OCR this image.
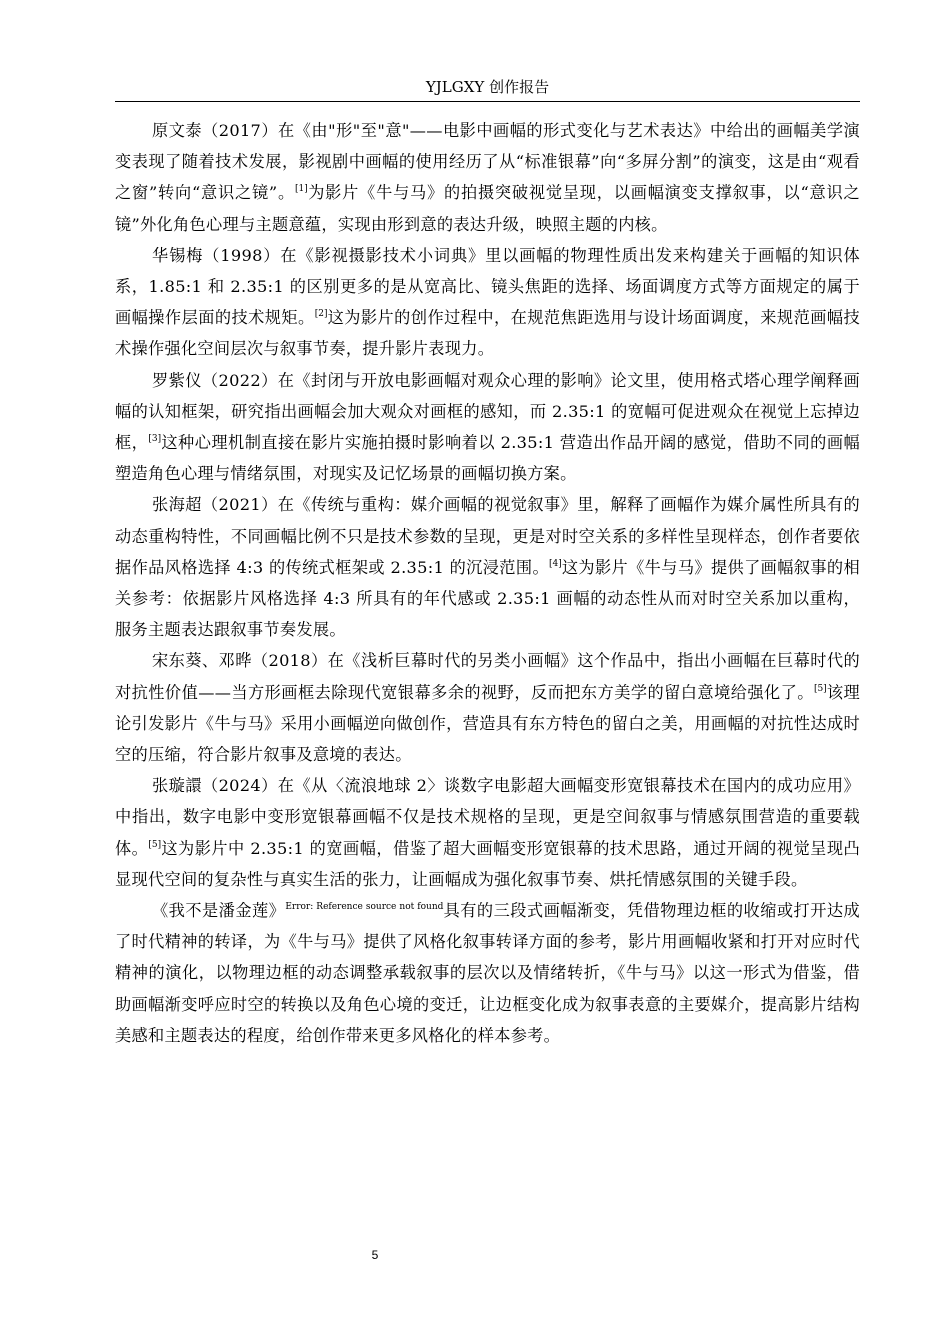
YJLGXY 创作报告

原文泰（2017）在《由"形"至"意"——电影中画幅的形式变化与艺术表达》中给出的画幅美学演变表现了随着技术发展，影视剧中画幅的使用经历了从“标准银幕”向“多屏分割”的演变，这是由“观看之窗”转向“意识之镜”。[1]为影片《牛与马》的拍摄突破视觉呈现，以画幅演变支撑叙事，以“意识之镜”外化角色心理与主题意蕴，实现由形到意的表达升级，映照主题的内核。

华锡梅（1998）在《影视摄影技术小词典》里以画幅的物理性质出发来构建关于画幅的知识体系，1.85:1 和 2.35:1 的区别更多的是从宽高比、镜头焦距的选择、场面调度方式等方面规定的属于画幅操作层面的技术规矩。[2]这为影片的创作过程中，在规范焦距选用与设计场面调度，来规范画幅技术操作强化空间层次与叙事节奏，提升影片表现力。

罗紫仪（2022）在《封闭与开放电影画幅对观众心理的影响》论文里，使用格式塔心理学阐释画幅的认知框架，研究指出画幅会加大观众对画框的感知，而 2.35:1 的宽幅可促进观众在视觉上忘掉边框，[3]这种心理机制直接在影片实施拍摄时影响着以 2.35:1 营造出作品开阔的感觉，借助不同的画幅塑造角色心理与情绪氛围，对现实及记忆场景的画幅切换方案。

张海超（2021）在《传统与重构：媒介画幅的视觉叙事》里，解释了画幅作为媒介属性所具有的动态重构特性，不同画幅比例不只是技术参数的呈现，更是对时空关系的多样性呈现样态，创作者要依据作品风格选择 4:3 的传统式框架或 2.35:1 的沉浸范围。[4]这为影片《牛与马》提供了画幅叙事的相关参考：依据影片风格选择 4:3 所具有的年代感或 2.35:1 画幅的动态性从而对时空关系加以重构，服务主题表达跟叙事节奏发展。

宋东葵、邓晔（2018）在《浅析巨幕时代的另类小画幅》这个作品中，指出小画幅在巨幕时代的对抗性价值——当方形画框去除现代宽银幕多余的视野，反而把东方美学的留白意境给强化了。[5]该理论引发影片《牛与马》采用小画幅逆向做创作，营造具有东方特色的留白之美，用画幅的对抗性达成时空的压缩，符合影片叙事及意境的表达。

张璇譞（2024）在《从〈流浪地球 2〉谈数字电影超大画幅变形宽银幕技术在国内的成功应用》中指出，数字电影中变形宽银幕画幅不仅是技术规格的呈现，更是空间叙事与情感氛围营造的重要载体。[5]这为影片中 2.35:1 的宽画幅，借鉴了超大画幅变形宽银幕的技术思路，通过开阔的视觉呈现凸显现代空间的复杂性与真实生活的张力，让画幅成为强化叙事节奏、烘托情感氛围的关键手段。

《我不是潘金莲》$^{Error: Reference source not found}$具有的三段式画幅渐变，凭借物理边框的收缩或打开达成了时代精神的转译，为《牛与马》提供了风格化叙事转译方面的参考，影片用画幅收紧和打开对应时代精神的演化，以物理边框的动态调整承载叙事的层次以及情绪转折，《牛与马》以这一形式为借鉴，借助画幅渐变呼应时空的转换以及角色心境的变迁，让边框变化成为叙事表意的主要媒介，提高影片结构美感和主题表达的程度，给创作带来更多风格化的样本参考。

5
